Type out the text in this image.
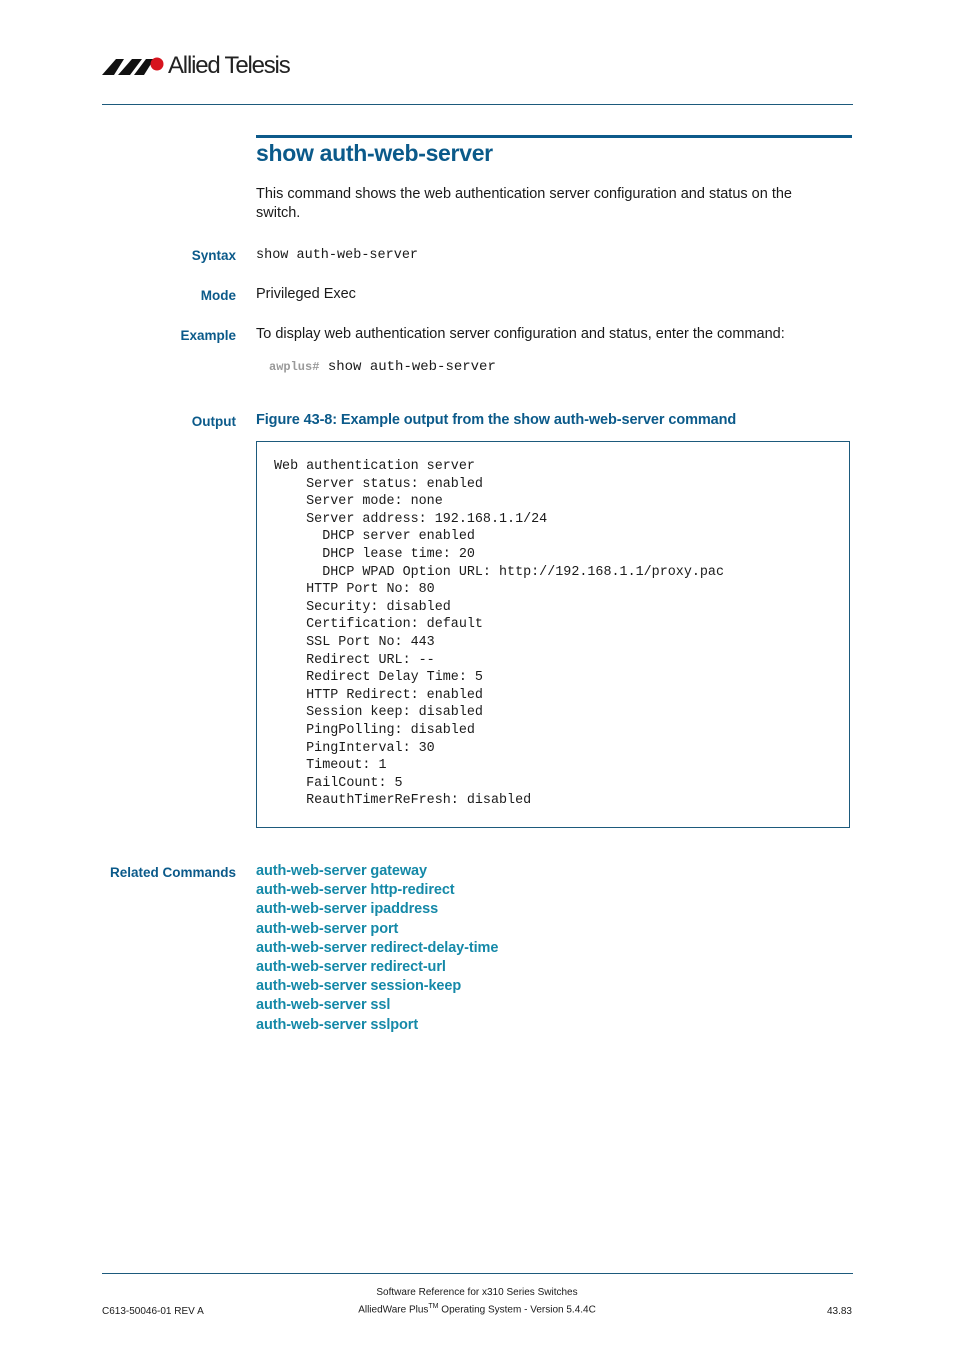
Allied Telesis
show auth-web-server
This command shows the web authentication server configuration and status on the switch.
Syntax show auth-web-server
Mode Privileged Exec
Example To display web authentication server configuration and status, enter the command:
awplus# show auth-web-server
Output Figure 43-8: Example output from the show auth-web-server command
Web authentication server
Server status: enabled
Server mode: none
Server address: 192.168.1.1/24
DHCP server enabled
DHCP lease time: 20
DHCP WPAD Option URL: http://192.168.1.1/proxy.pac
HTTP Port No: 80
Security: disabled
Certification: default
SSL Port No: 443
Redirect URL: --
Redirect Delay Time: 5
HTTP Redirect: enabled
Session keep: disabled
PingPolling: disabled
PingInterval: 30
Timeout: 1
FailCount: 5
ReauthTimerReFresh: disabled
Related Commands auth-web-server gateway
auth-web-server http-redirect
auth-web-server ipaddress
auth-web-server port
auth-web-server redirect-delay-time
auth-web-server redirect-url
auth-web-server session-keep
auth-web-server ssl
auth-web-server sslport
C613-50046-01 REV A
Software Reference for x310 Series Switches
AlliedWare Plus™ Operating System - Version 5.4.4C	43.83
